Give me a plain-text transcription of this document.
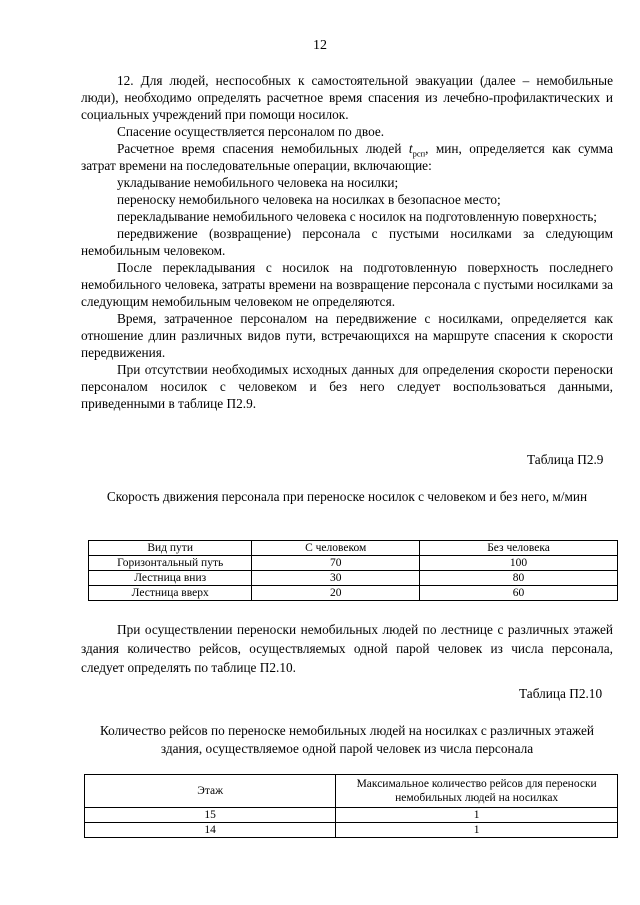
12

12. Для людей, неспособных к самостоятельной эвакуации (далее – немобильные люди), необходимо определять расчетное время спасения из лечебно-профилактических и социальных учреждений при помощи носилок.

Спасение осуществляется персоналом по двое.

Расчетное время спасения немобильных людей $t_{рсп}$, мин, определяется как сумма затрат времени на последовательные операции, включающие:

укладывание немобильного человека на носилки;

переноску немобильного человека на носилках в безопасное место;

перекладывание немобильного человека с носилок на подготовленную поверхность;

передвижение (возвращение) персонала с пустыми носилками за следующим немобильным человеком.

После перекладывания с носилок на подготовленную поверхность последнего немобильного человека, затраты времени на возвращение персонала с пустыми носилками за следующим немобильным человеком не определяются.

Время, затраченное персоналом на передвижение с носилками, определяется как отношение длин различных видов пути, встречающихся на маршруте спасения к скорости передвижения.

При отсутствии необходимых исходных данных для определения скорости переноски персоналом носилок с человеком и без него следует воспользоваться данными, приведенными в таблице П2.9.

Таблица П2.9
Скорость движения персонала при переноске носилок с человеком и без него, м/мин
Вид пути	С человеком	Без человека
Горизонтальный путь	70	100
Лестница вниз	30	80
Лестница вверх	20	60

При осуществлении переноски немобильных людей по лестнице с различных этажей здания количество рейсов, осуществляемых одной парой человек из числа персонала, следует определять по таблице П2.10.

Таблица П2.10
Количество рейсов по переноске немобильных людей на носилках с различных этажей здания, осуществляемое одной парой человек из числа персонала
Этаж	Максимальное количество рейсов для переноски немобильных людей на носилках
15	1
14	1
